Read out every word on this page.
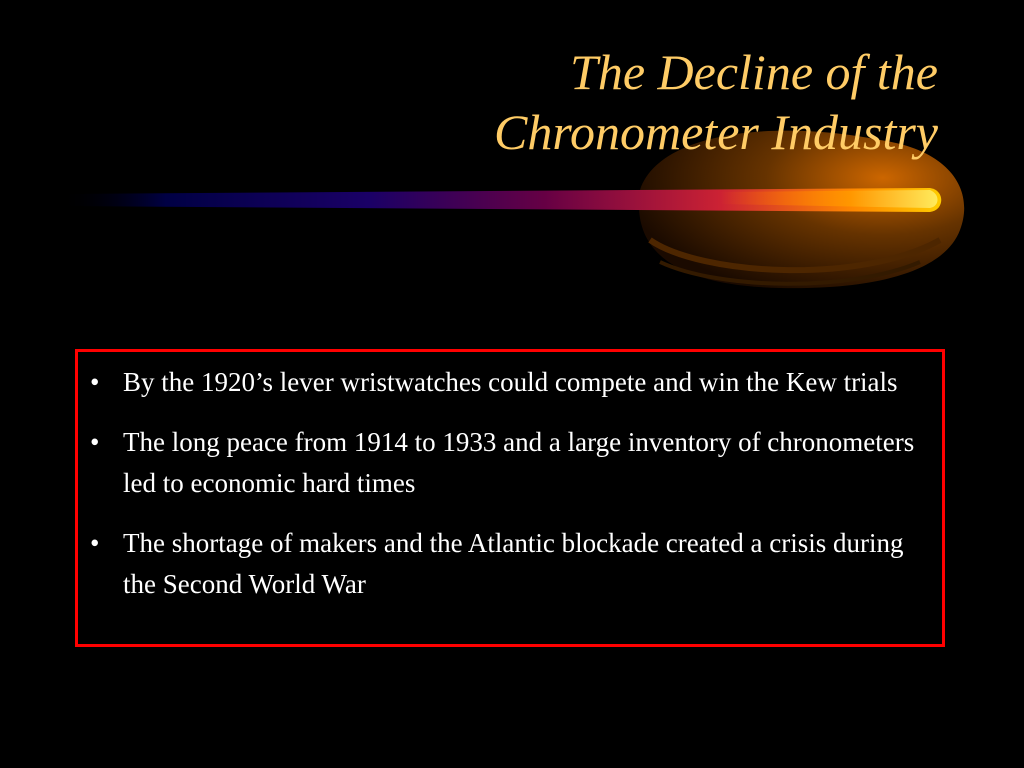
The Decline of the
Chronometer Industry
• By the 1920’s lever wristwatches could compete and win the Kew trials
• The long peace from 1914 to 1933 and a large inventory of chronometers led to economic hard times
• The shortage of makers and the Atlantic blockade created a crisis during the Second World War
